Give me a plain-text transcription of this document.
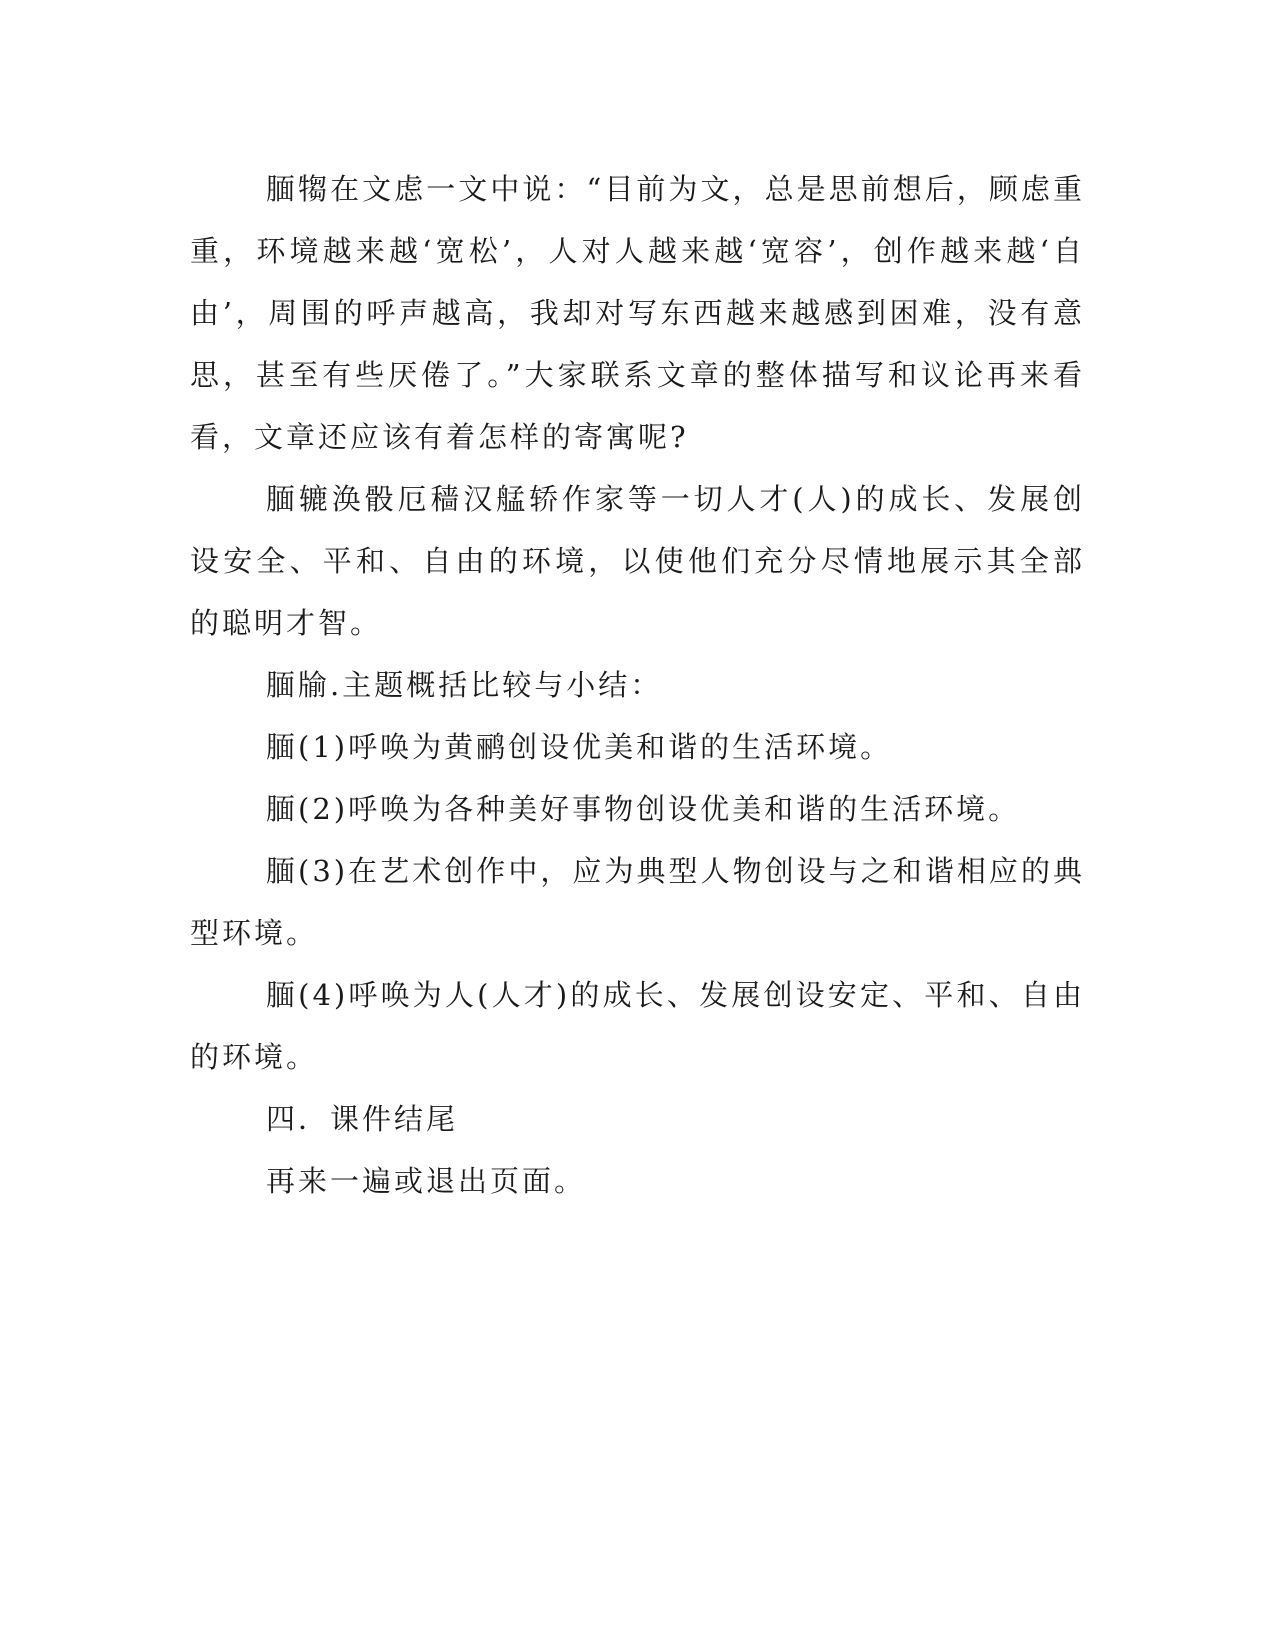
腼犓在文虑一文中说：“目前为文，总是思前想后，顾虑重重，环境越来越‘宽松’，人对人越来越‘宽容’，创作越来越‘自由’，周围的呼声越高，我却对写东西越来越感到困难，没有意思，甚至有些厌倦了。”大家联系文章的整体描写和议论再来看看，文章还应该有着怎样的寄寓呢?

腼辘涣骰厄穑汉艋轿作家等一切人才(人)的成长、发展创设安全、平和、自由的环境，以使他们充分尽情地展示其全部的聪明才智。

腼牏.主题概括比较与小结：

腼(1)呼唤为黄鹂创设优美和谐的生活环境。

腼(2)呼唤为各种美好事物创设优美和谐的生活环境。

腼(3)在艺术创作中，应为典型人物创设与之和谐相应的典型环境。

腼(4)呼唤为人(人才)的成长、发展创设安定、平和、自由的环境。

四．课件结尾

再来一遍或退出页面。
